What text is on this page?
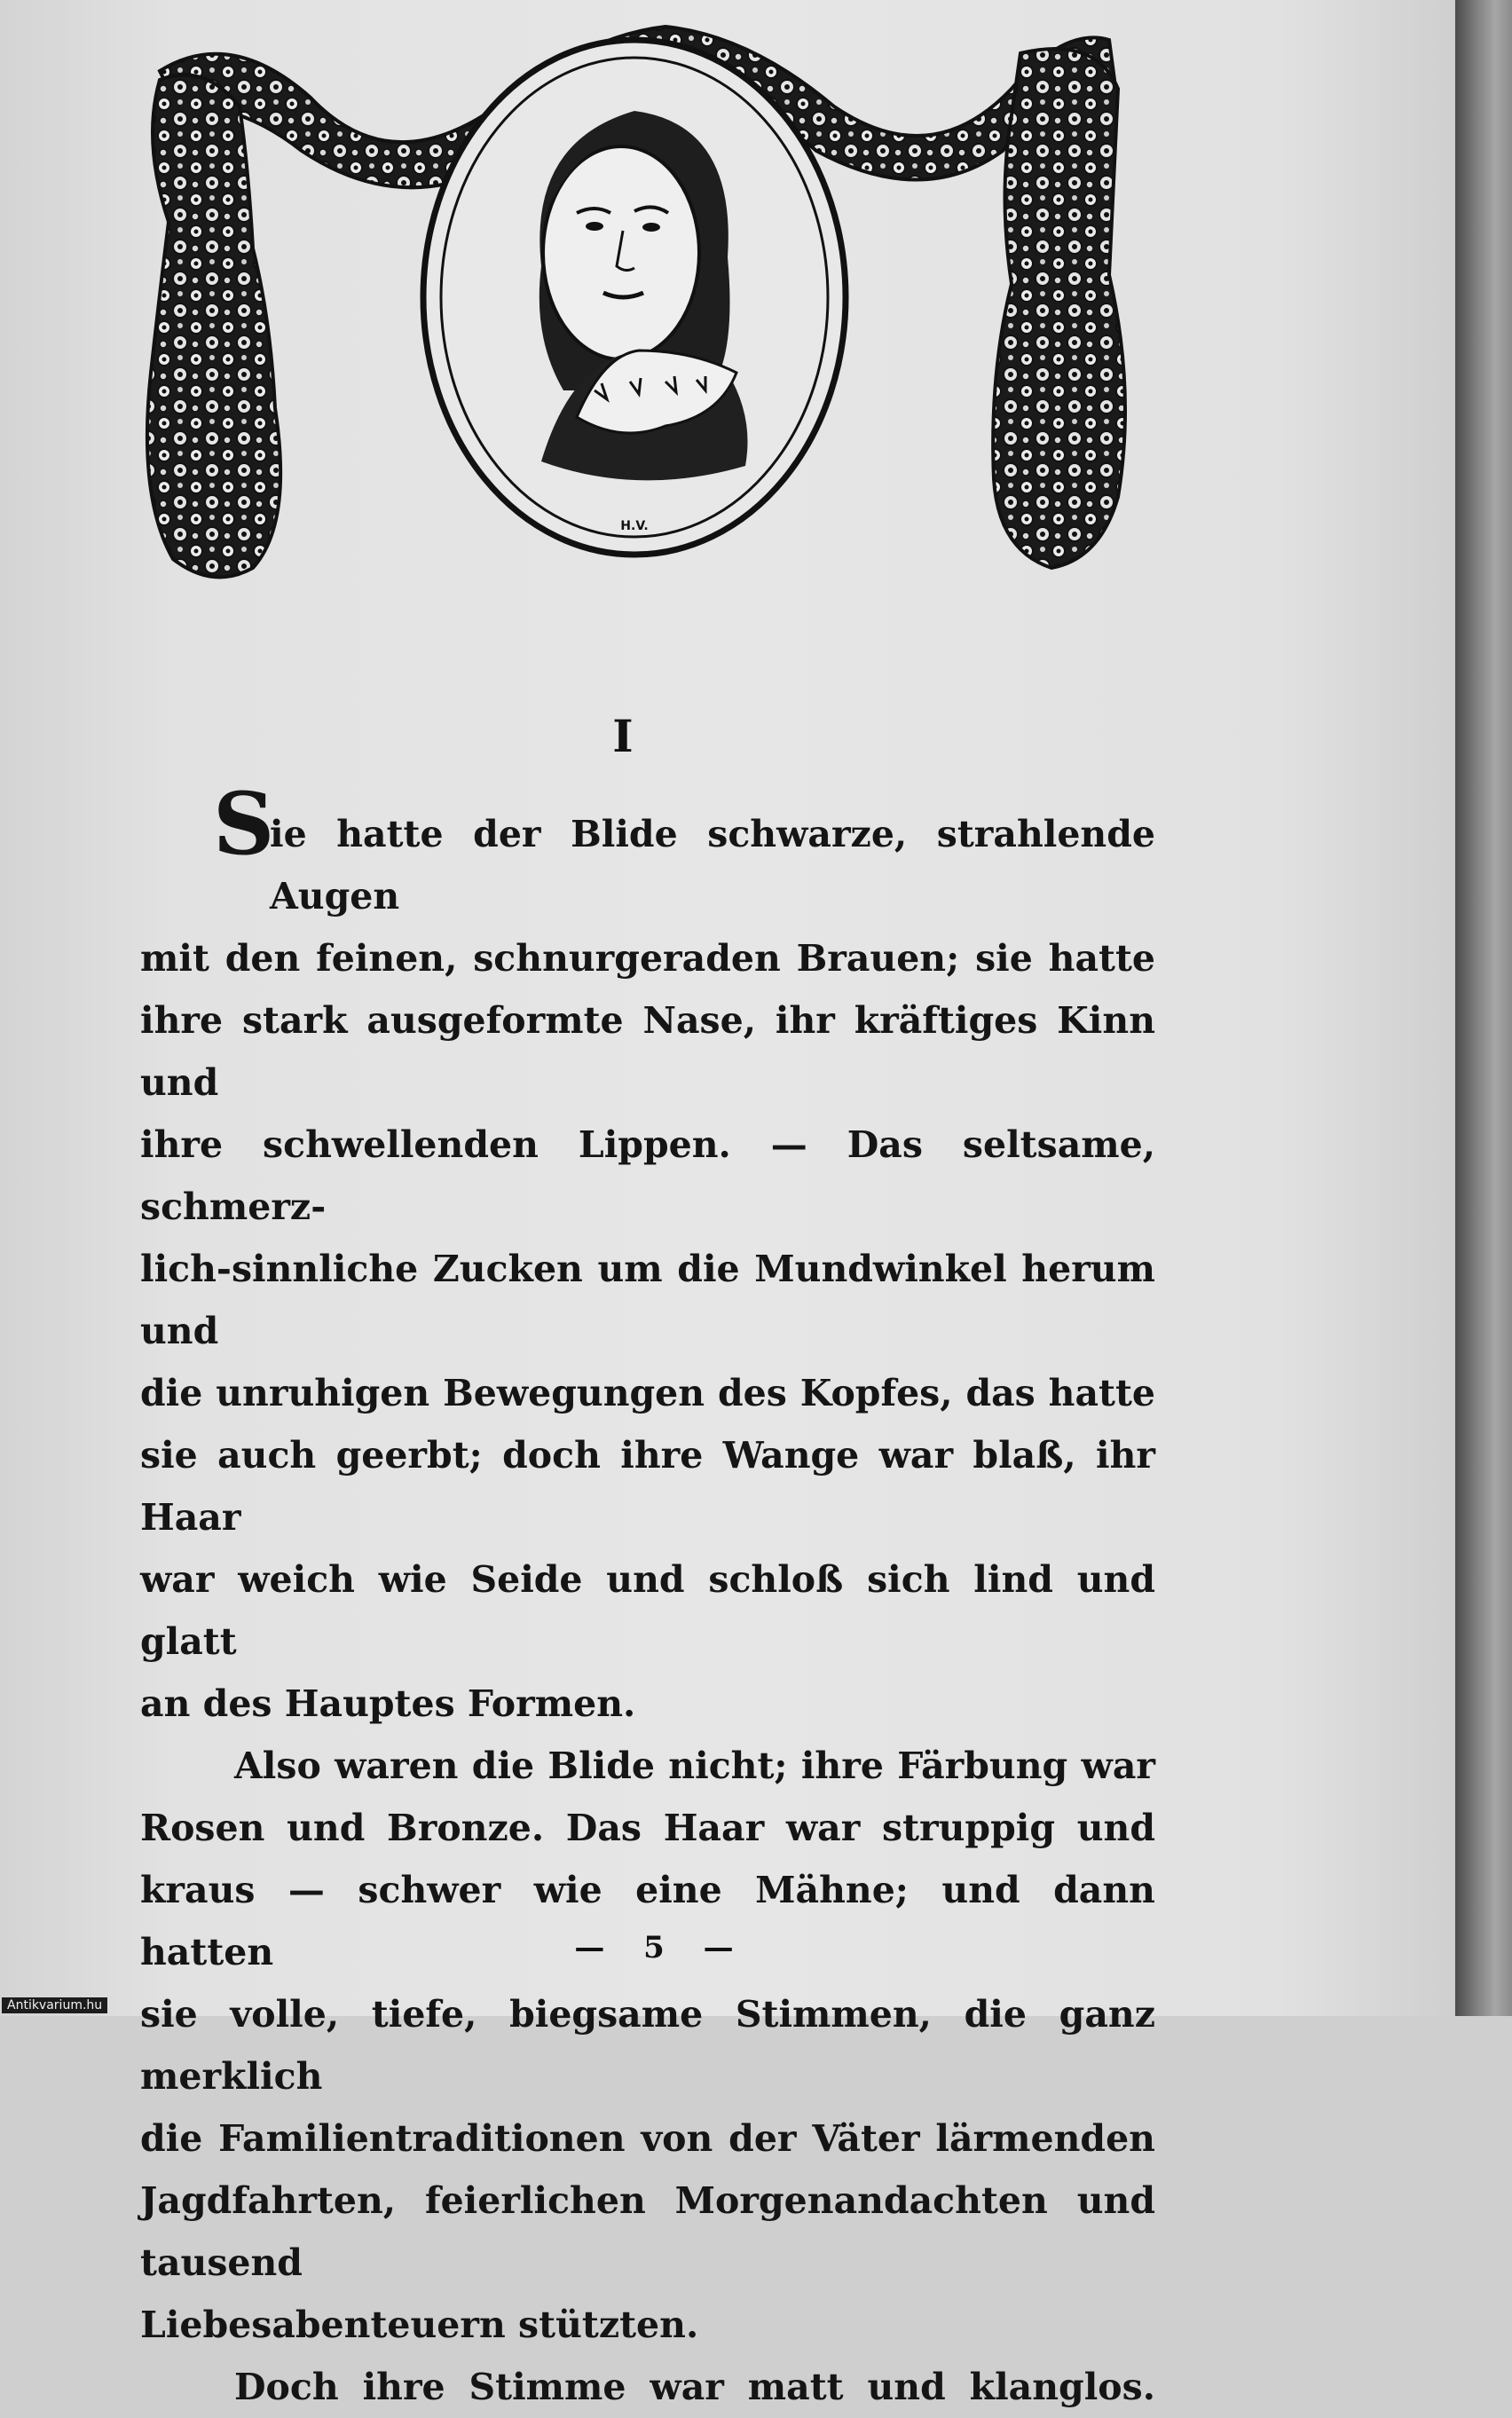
H.V.
I

S
ie hatte der Blide schwarze, strahlende Augen

mit den feinen, schnurgeraden Brauen; sie hatte

ihre stark ausgeformte Nase, ihr kräftiges Kinn und

ihre schwellenden Lippen. — Das seltsame, schmerz-

lich-sinnliche Zucken um die Mundwinkel herum und

die unruhigen Bewegungen des Kopfes, das hatte

sie auch geerbt; doch ihre Wange war blaß, ihr Haar

war weich wie Seide und schloß sich lind und glatt

an des Hauptes Formen.

Also waren die Blide nicht; ihre Färbung war

Rosen und Bronze. Das Haar war struppig und

kraus — schwer wie eine Mähne; und dann hatten

sie volle, tiefe, biegsame Stimmen, die ganz merklich

die Familientraditionen von der Väter lärmenden

Jagdfahrten, feierlichen Morgenandachten und tausend

Liebesabenteuern stützten.

Doch ihre Stimme war matt und klanglos.

— 5 —
Antikvarium.hu
